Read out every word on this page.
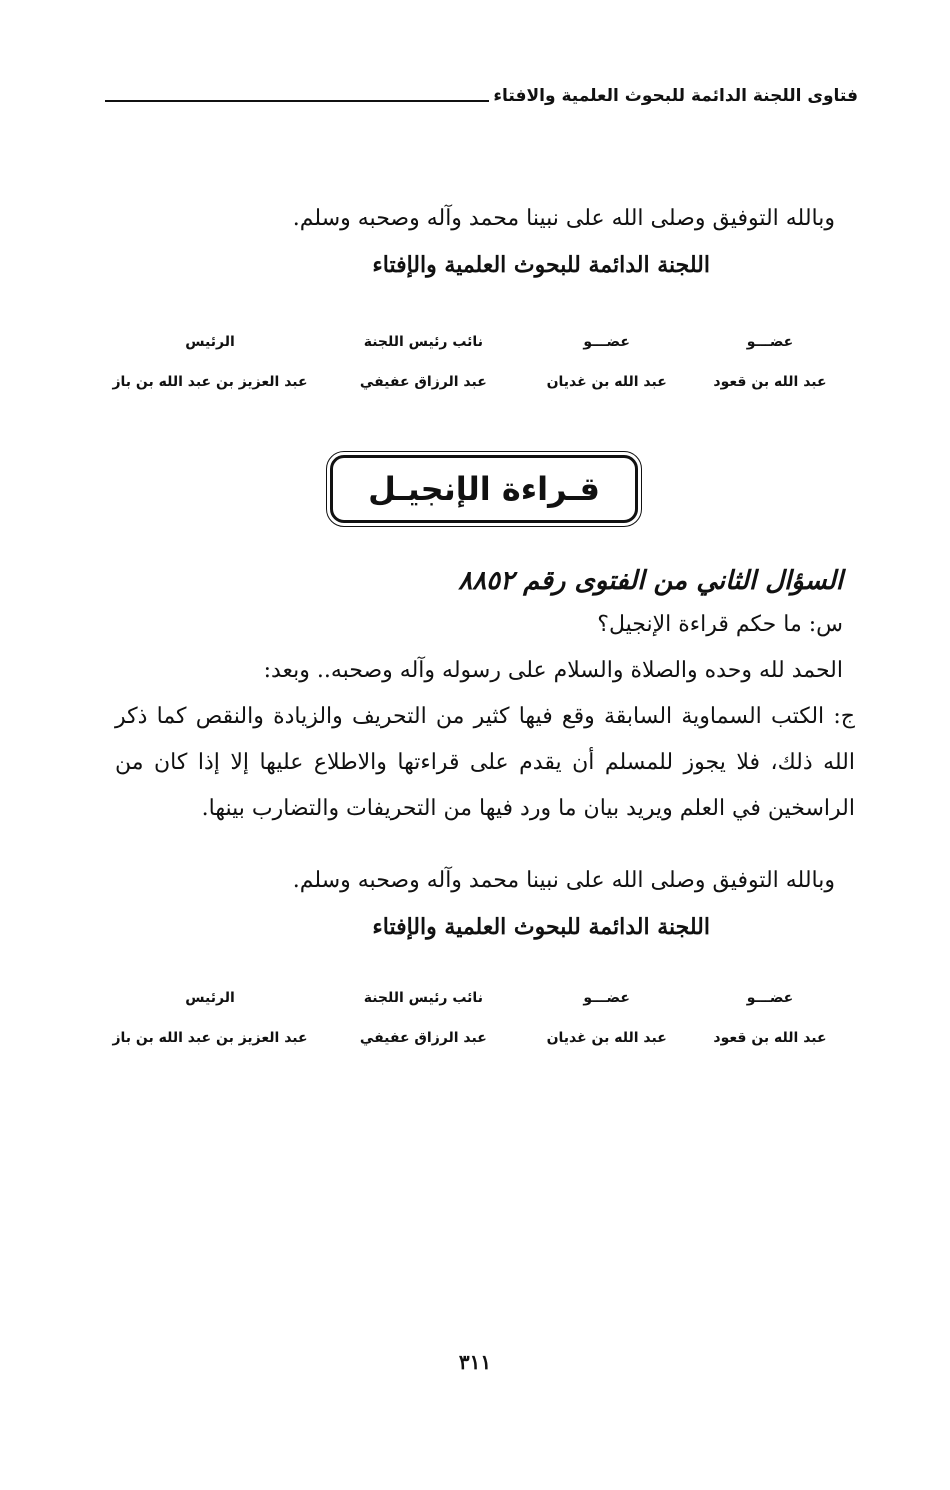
فتاوى اللجنة الدائمة للبحوث العلمية والافتاء
وبالله التوفيق وصلى الله على نبينا محمد وآله وصحبه وسلم.
اللجنة الدائمة للبحوث العلمية والإفتاء
عضـــو
عبد الله بن قعود
عضـــو
عبد الله بن غديان
نائب رئيس اللجنة
عبد الرزاق عفيفي
الرئيس
عبد العزيز بن عبد الله بن باز
قـراءة الإنجيـل
السؤال الثاني من الفتوى رقم ٨٨٥٢
س: ما حكم قراءة الإنجيل؟
الحمد لله وحده والصلاة والسلام على رسوله وآله وصحبه.. وبعد:
ج: الكتب السماوية السابقة وقع فيها كثير من التحريف والزيادة والنقص كما ذكر الله ذلك، فلا يجوز للمسلم أن يقدم على قراءتها والاطلاع عليها إلا إذا كان من الراسخين في العلم ويريد بيان ما ورد فيها من التحريفات والتضارب بينها.
وبالله التوفيق وصلى الله على نبينا محمد وآله وصحبه وسلم.
اللجنة الدائمة للبحوث العلمية والإفتاء
عضـــو
عبد الله بن قعود
عضـــو
عبد الله بن غديان
نائب رئيس اللجنة
عبد الرزاق عفيفي
الرئيس
عبد العزيز بن عبد الله بن باز
٣١١
